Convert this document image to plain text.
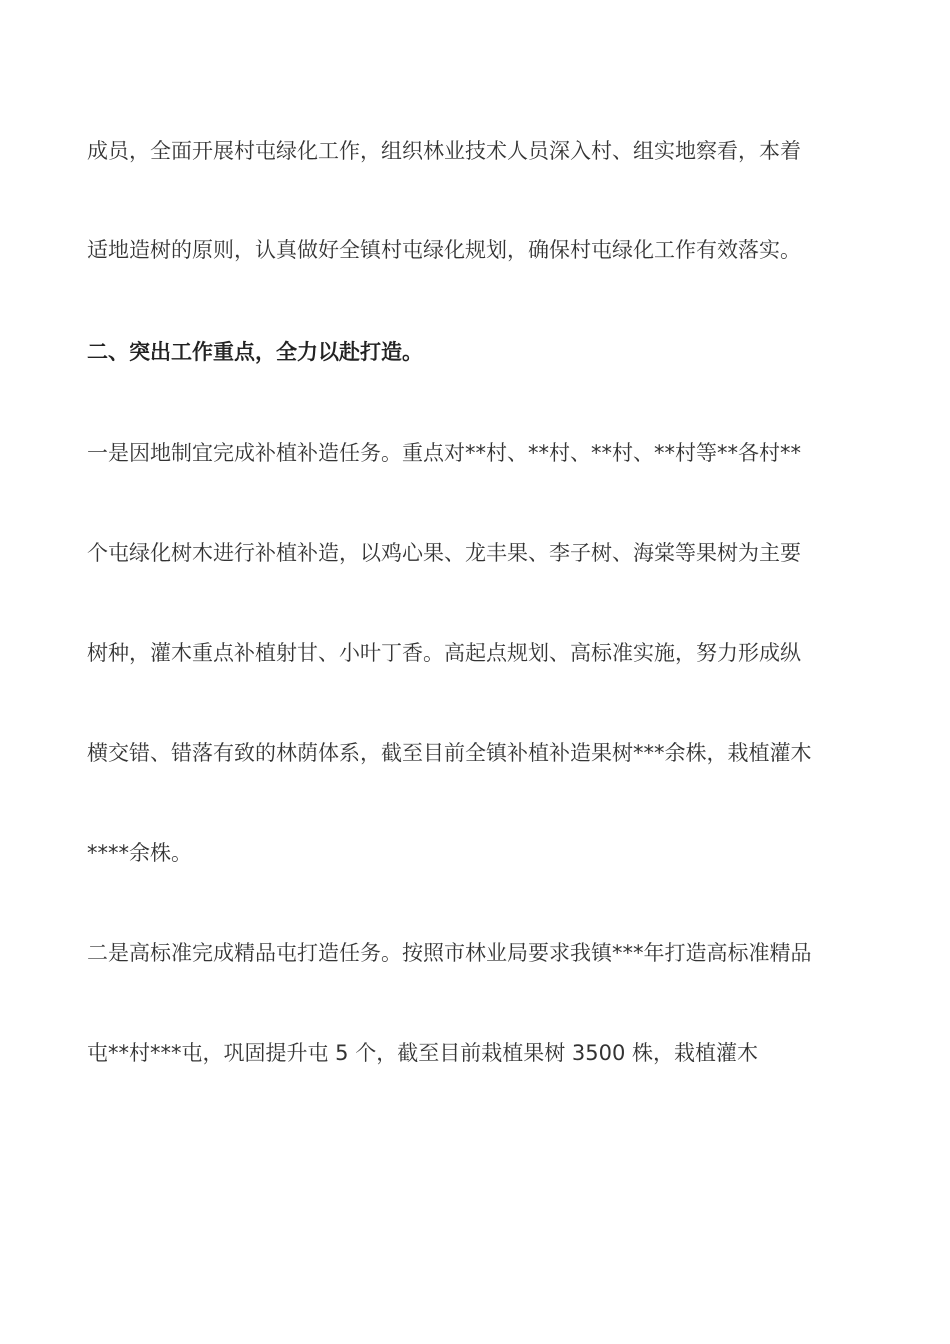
成员，全面开展村屯绿化工作，组织林业技术人员深入村、组实地察看，本着
适地造树的原则，认真做好全镇村屯绿化规划，确保村屯绿化工作有效落实。
二、突出工作重点，全力以赴打造。
一是因地制宜完成补植补造任务。重点对**村、**村、**村、**村等**各村**
个屯绿化树木进行补植补造，以鸡心果、龙丰果、李子树、海棠等果树为主要
树种，灌木重点补植射甘、小叶丁香。高起点规划、高标准实施，努力形成纵
横交错、错落有致的林荫体系，截至目前全镇补植补造果树***余株，栽植灌木
****余株。
二是高标准完成精品屯打造任务。按照市林业局要求我镇***年打造高标准精品
屯**村***屯，巩固提升屯 5 个，截至目前栽植果树 3500 株，栽植灌木
